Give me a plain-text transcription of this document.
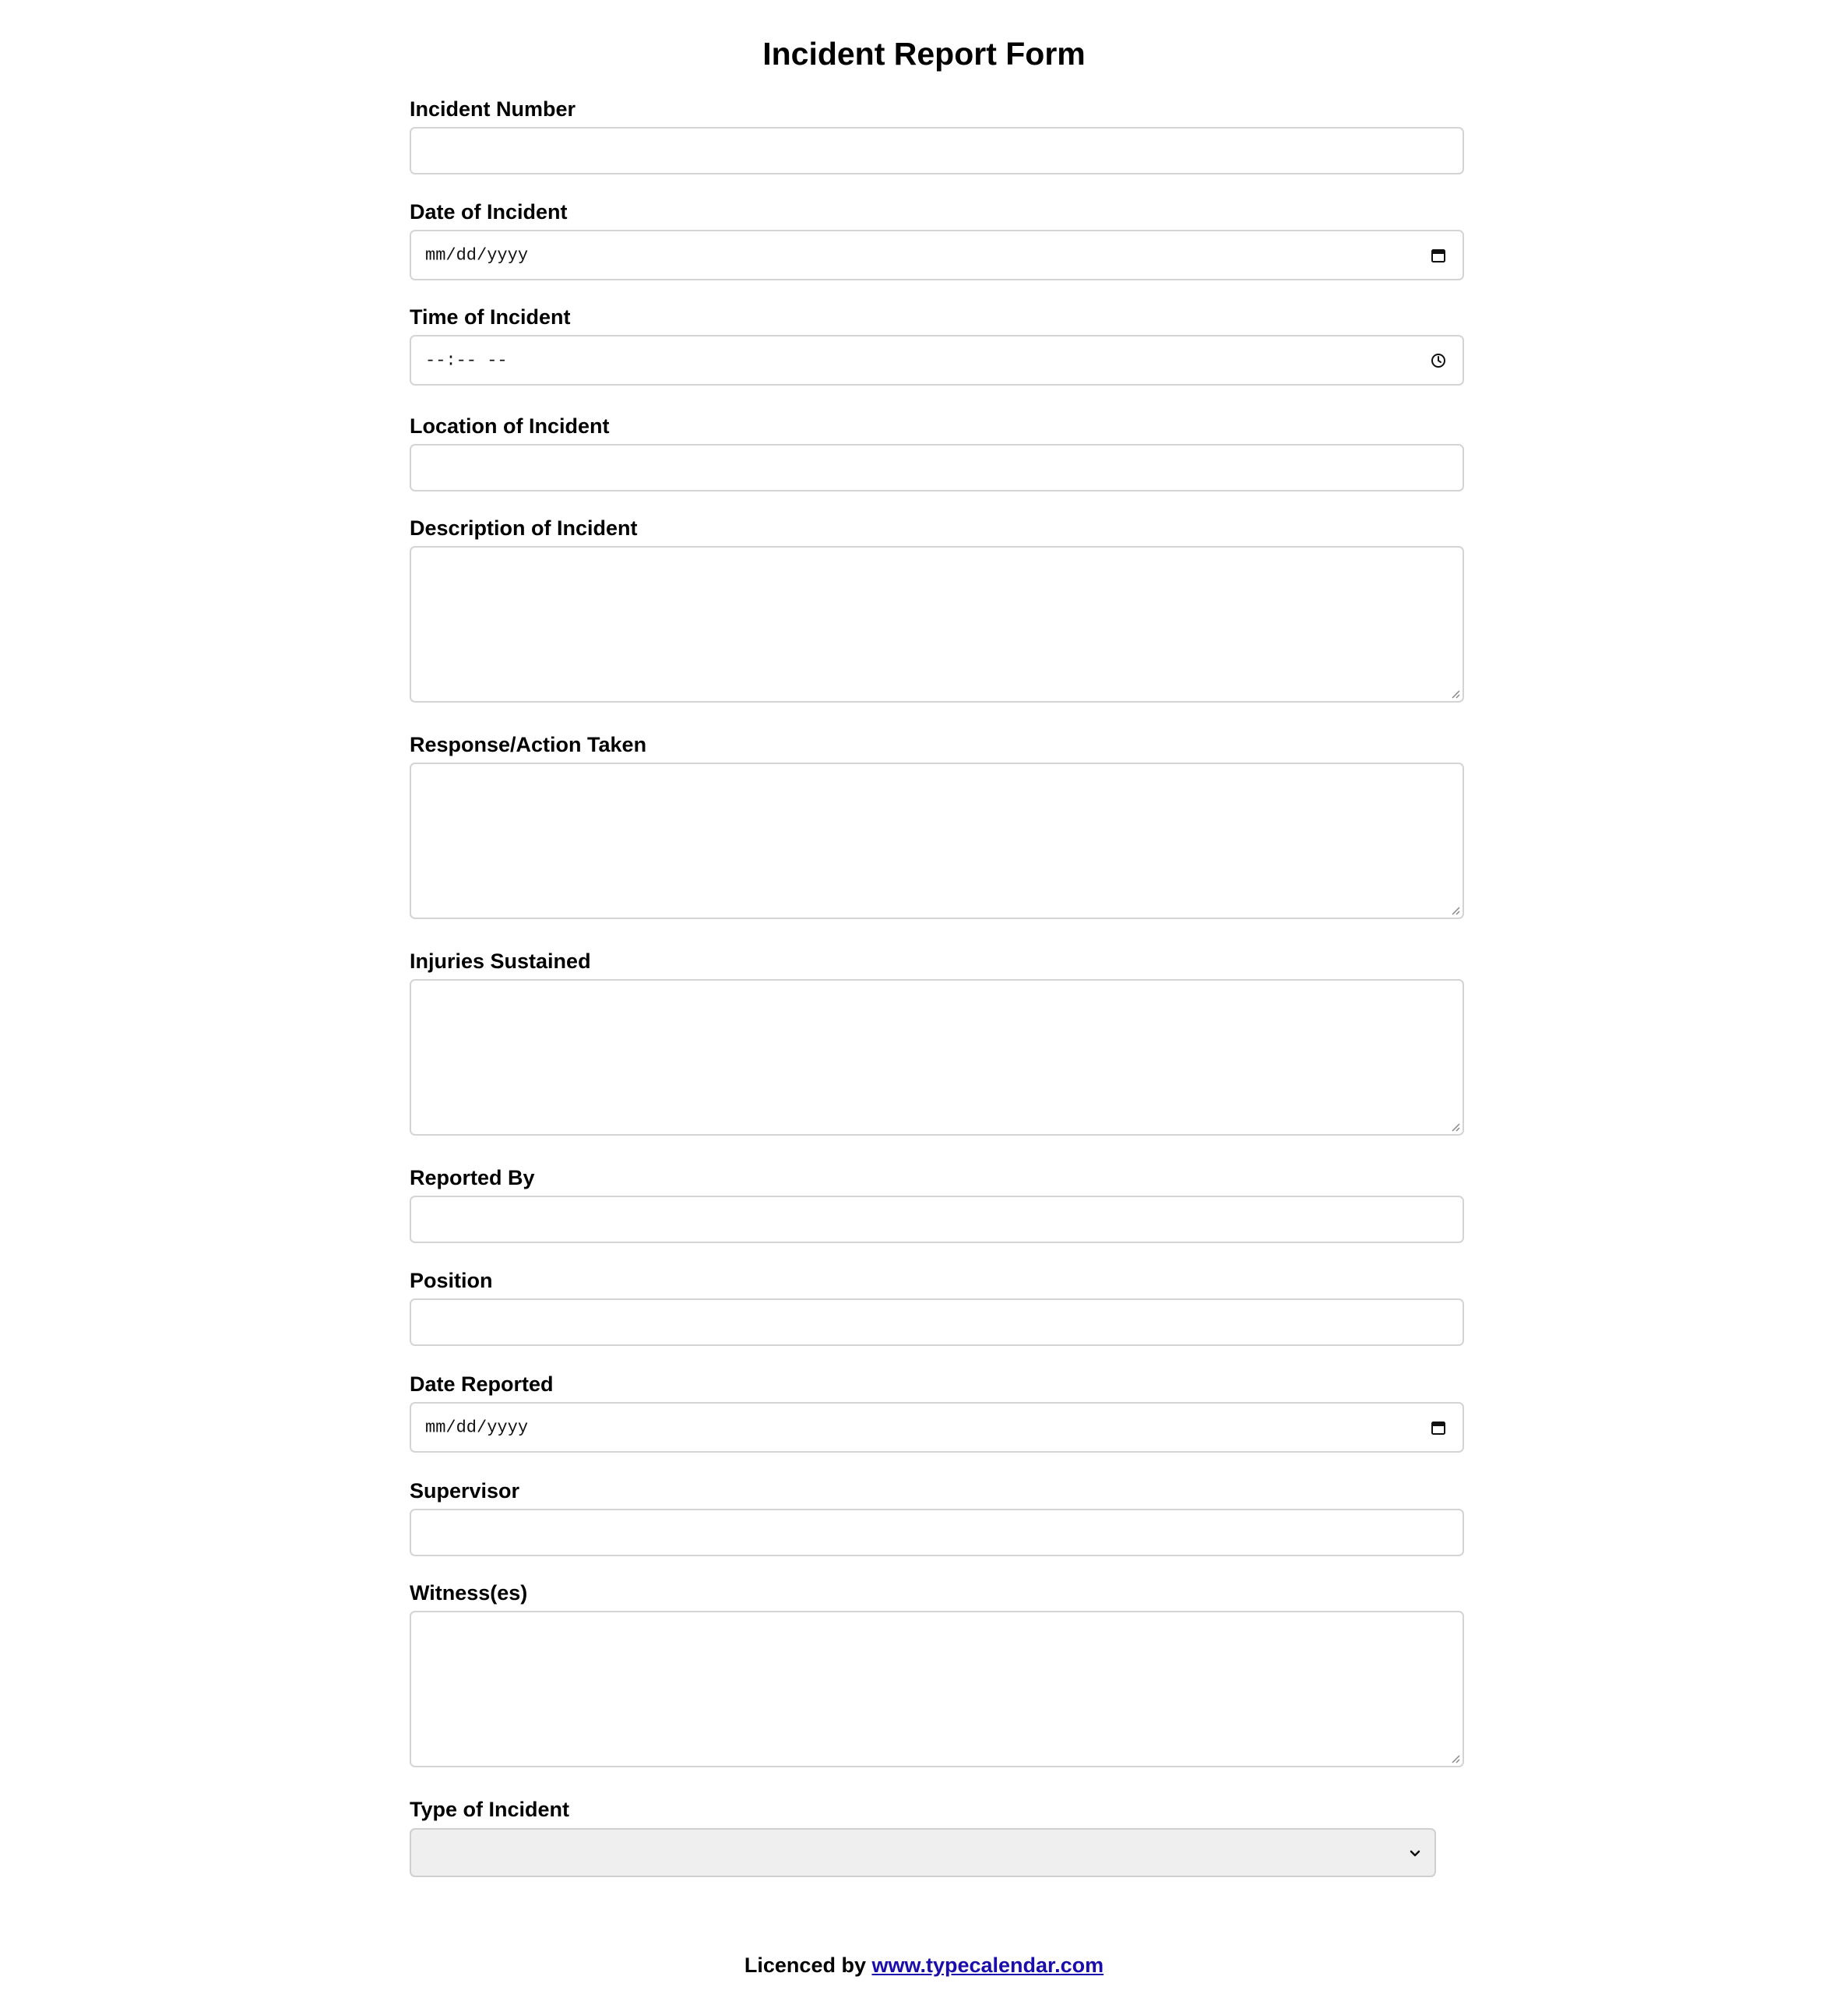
Incident Report Form
Incident Number
Date of Incident
mm/dd/yyyy
Time of Incident
--:-- --
Location of Incident
Description of Incident
Response/Action Taken
Injuries Sustained
Reported By
Position
Date Reported
mm/dd/yyyy
Supervisor
Witness(es)
Type of Incident
Licenced by www.typecalendar.com
